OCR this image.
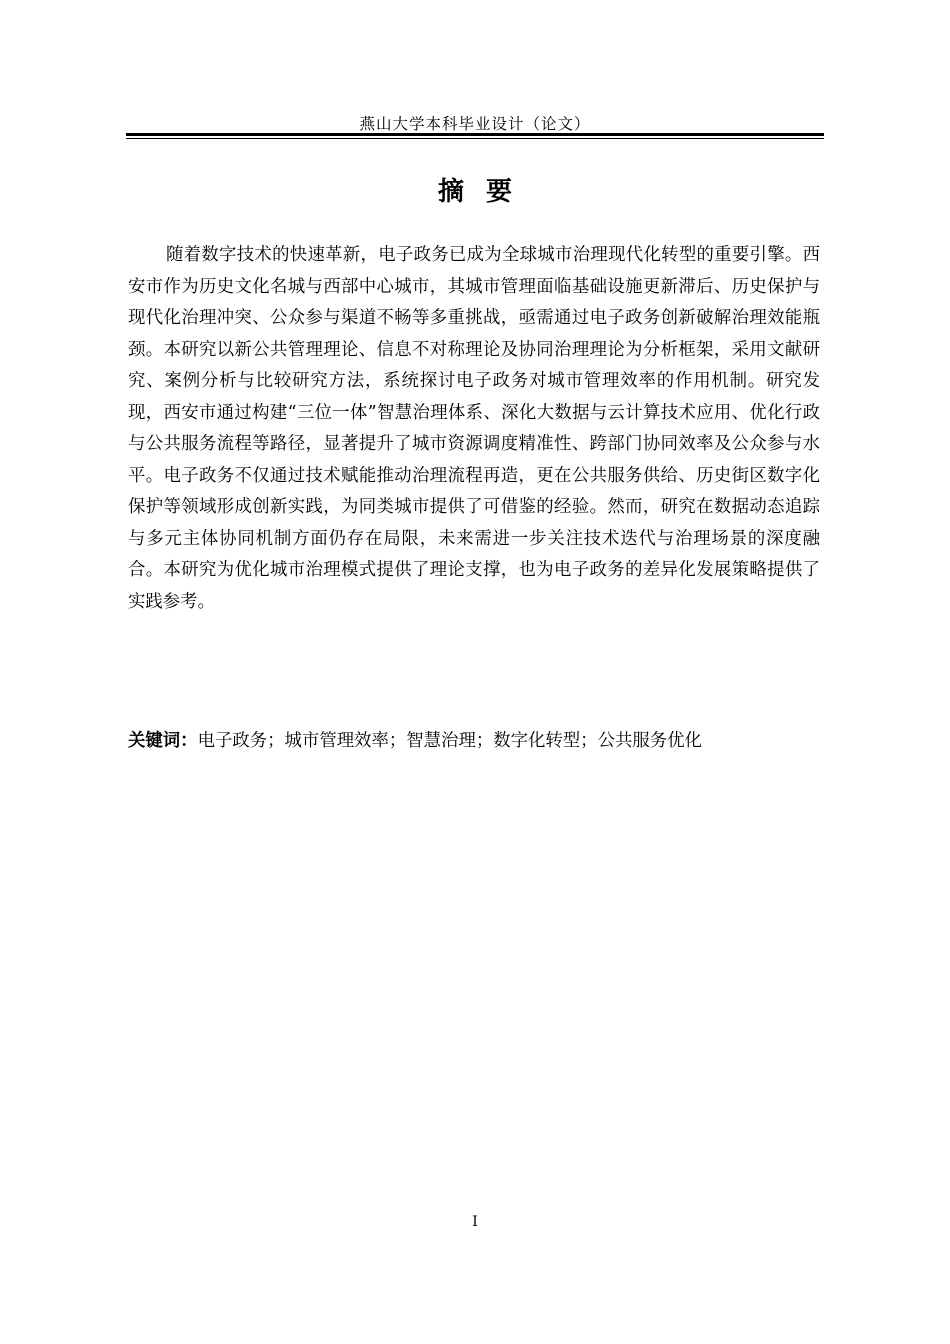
燕山大学本科毕业设计（论文）
摘要

随着数字技术的快速革新，电子政务已成为全球城市治理现代化转型的重要引擎。西安市作为历史文化名城与西部中心城市，其城市管理面临基础设施更新滞后、历史保护与现代化治理冲突、公众参与渠道不畅等多重挑战，亟需通过电子政务创新破解治理效能瓶颈。本研究以新公共管理理论、信息不对称理论及协同治理理论为分析框架，采用文献研究、案例分析与比较研究方法，系统探讨电子政务对城市管理效率的作用机制。研究发现，西安市通过构建“三位一体”智慧治理体系、深化大数据与云计算技术应用、优化行政与公共服务流程等路径，显著提升了城市资源调度精准性、跨部门协同效率及公众参与水平。电子政务不仅通过技术赋能推动治理流程再造，更在公共服务供给、历史街区数字化保护等领域形成创新实践，为同类城市提供了可借鉴的经验。然而，研究在数据动态追踪与多元主体协同机制方面仍存在局限，未来需进一步关注技术迭代与治理场景的深度融合。本研究为优化城市治理模式提供了理论支撑，也为电子政务的差异化发展策略提供了实践参考。

关键词：电子政务；城市管理效率；智慧治理；数字化转型；公共服务优化
I
